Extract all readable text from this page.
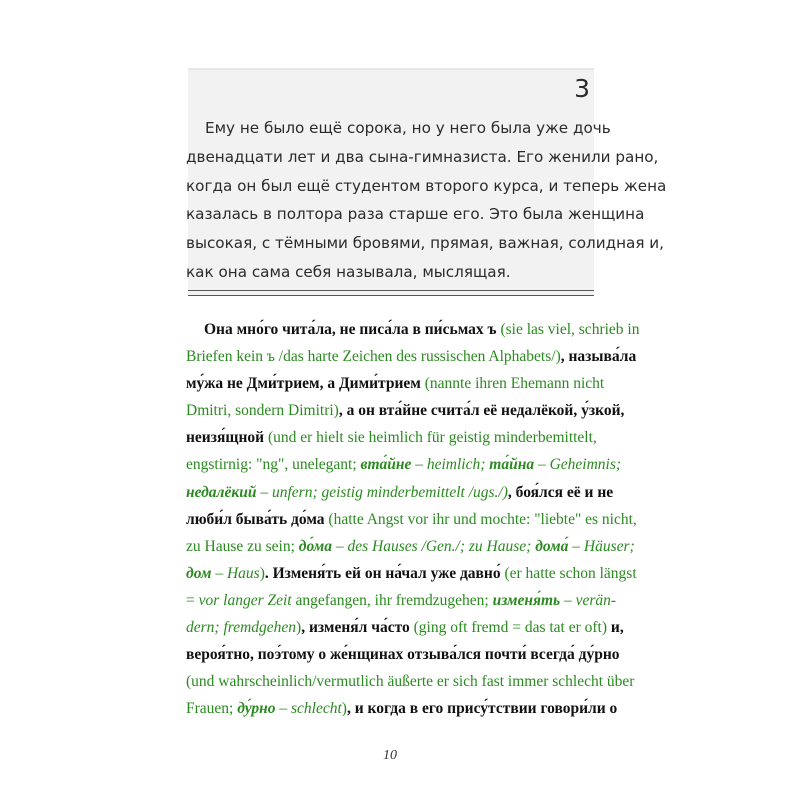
3
Ему не было ещё сорока, но у него была уже дочь
двенадцати лет и два сына-гимназиста. Его женили рано,
когда он был ещё студентом второго курса, и теперь жена
казалась в полтора раза старше его. Это была женщина
высокая, с тёмными бровями, прямая, важная, солидная и,
как она сама себя называла, мыслящая.
Она мно́го чита́ла, не писа́ла в пи́сьмах ъ (sie las viel, schrieb in
Briefen kein ъ /das harte Zeichen des russischen Alphabets/), называ́ла
му́жа не Дми́трием, а Дими́трием (nannte ihren Ehemann nicht
Dmitri, sondern Dimitri), а он вта́йне счита́л её недалёкой, у́зкой,
неизя́щной (und er hielt sie heimlich für geistig minderbemittelt,
engstirnig: "ng", unelegant; вта́йне – heimlich; та́йна – Geheimnis;
недалёкий – unfern; geistig minderbemittelt /ugs./), боя́лся её и не
люби́л быва́ть до́ма (hatte Angst vor ihr und mochte: "liebte" es nicht,
zu Hause zu sein; до́ма – des Hauses /Gen./; zu Hause; дома́ – Häuser;
дом – Haus). Изменя́ть ей он на́чал уже давно́ (er hatte schon längst
= vor langer Zeit angefangen, ihr fremdzugehen; изменя́ть – verän-
dern; fremdgehen), изменя́л ча́сто (ging oft fremd = das tat er oft) и,
вероя́тно, поэ́тому о же́нщинах отзыва́лся почти́ всегда́ ду́рно
(und wahrscheinlich/vermutlich äußerte er sich fast immer schlecht über
Frauen; ду́рно – schlecht), и когда в его прису́тствии говори́ли о
10
